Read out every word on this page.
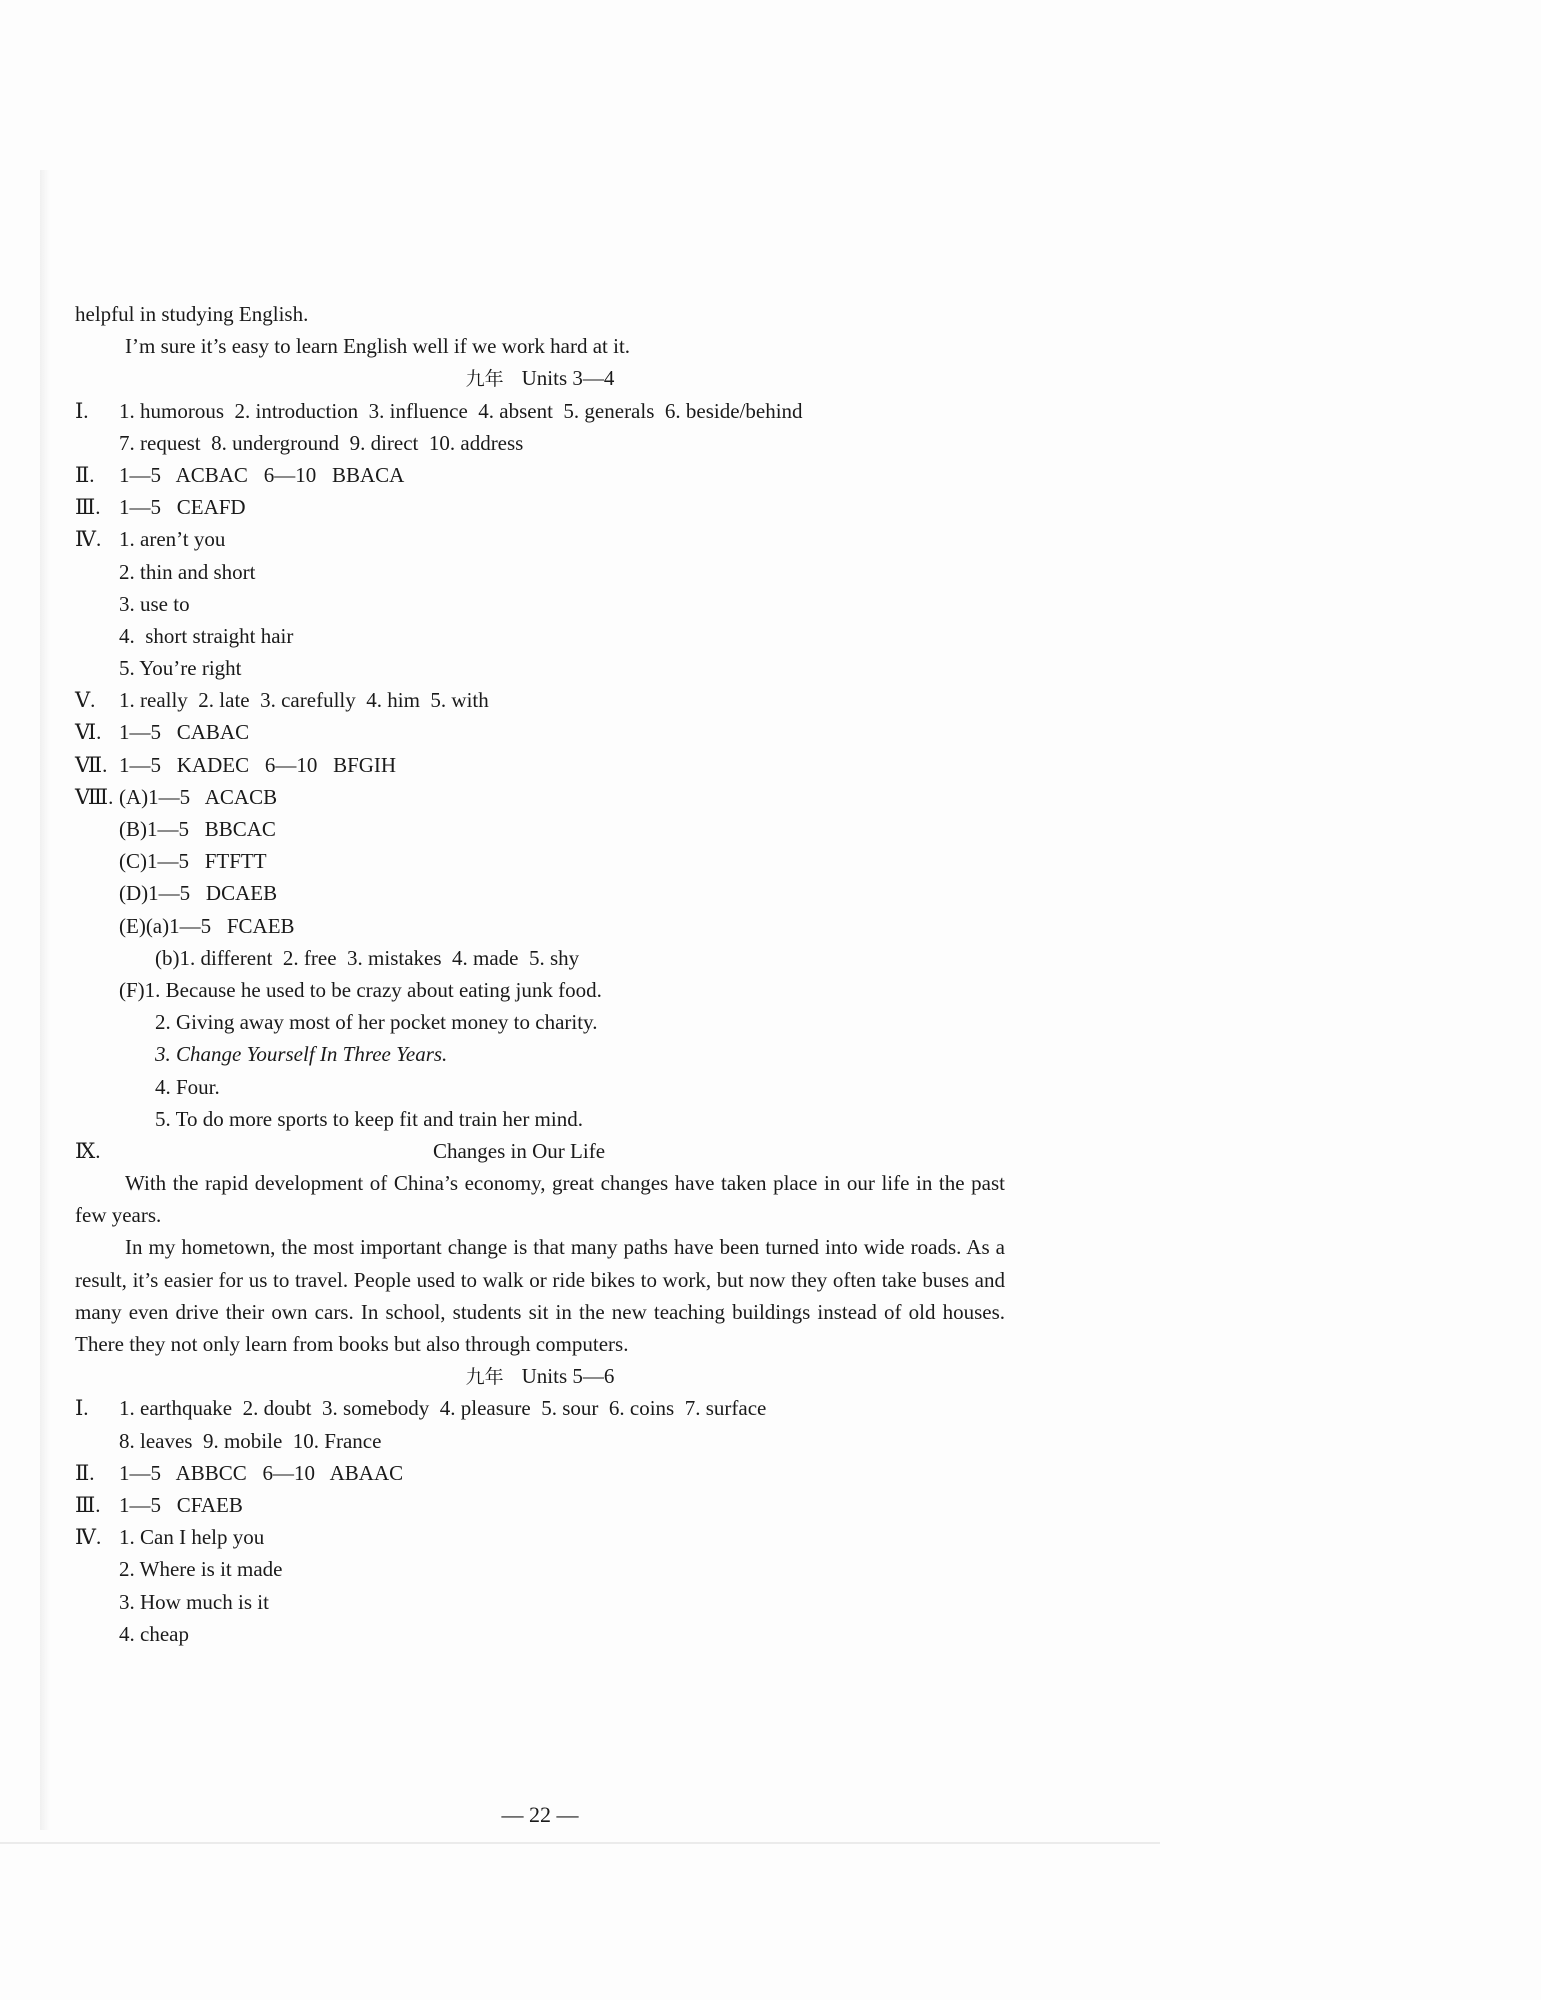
helpful in studying English.
I’m sure it’s easy to learn English well if we work hard at it.
九年 Units 3—4
Ⅰ. 1. humorous  2. introduction  3. influence  4. absent  5. generals  6. beside/behind
7. request  8. underground  9. direct  10. address
Ⅱ. 1—5   ACBAC   6—10   BBACA
Ⅲ. 1—5   CEAFD
Ⅳ. 1. aren’t you
2. thin and short
3. use to
4.  short straight hair
5. You’re right
Ⅴ. 1. really  2. late  3. carefully  4. him  5. with
Ⅵ. 1—5   CABAC
Ⅶ. 1—5   KADEC   6—10   BFGIH
Ⅷ. (A)1—5   ACACB
(B)1—5   BBCAC
(C)1—5   FTFTT
(D)1—5   DCAEB
(E)(a)1—5   FCAEB
(b)1. different  2. free  3. mistakes  4. made  5. shy
(F)1. Because he used to be crazy about eating junk food.
2. Giving away most of her pocket money to charity.
3. Change Yourself In Three Years.
4. Four.
5. To do more sports to keep fit and train her mind.
Ⅸ.	Changes in Our Life
With the rapid development of China’s economy, great changes have taken place in our life in the past few years.
In my hometown, the most important change is that many paths have been turned into wide roads. As a result, it’s easier for us to travel. People used to walk or ride bikes to work, but now they often take buses and many even drive their own cars. In school, students sit in the new teaching buildings instead of old houses. There they not only learn from books but also through computers.
九年 Units 5—6
Ⅰ. 1. earthquake  2. doubt  3. somebody  4. pleasure  5. sour  6. coins  7. surface
8. leaves  9. mobile  10. France
Ⅱ. 1—5   ABBCC   6—10   ABAAC
Ⅲ. 1—5   CFAEB
Ⅳ. 1. Can I help you
2. Where is it made
3. How much is it
4. cheap
— 22 —
